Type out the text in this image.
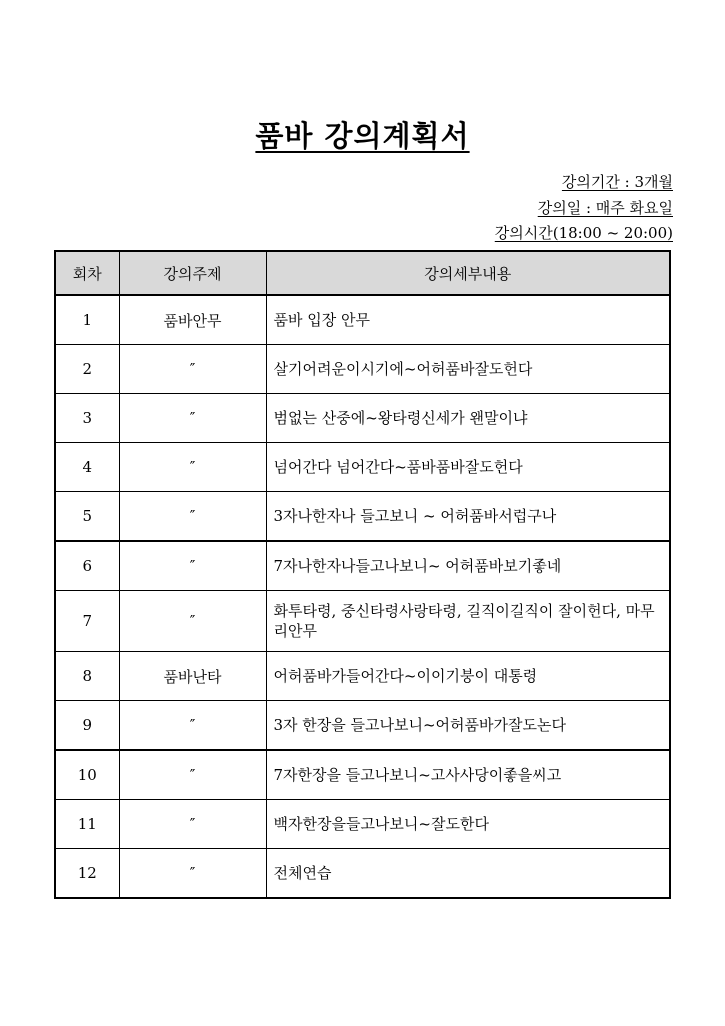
품바 강의계획서
강의기간 : 3개월
강의일 : 매주 화요일
강의시간(18:00 ~ 20:00)
회차	강의주제	강의세부내용
1	품바안무	품바 입장 안무
2	″	살기어려운이시기에~어허품바잘도헌다
3	″	범없는 산중에~왕타령신세가 왠말이냐
4	″	넘어간다 넘어간다~품바품바잘도헌다
5	″	3자나한자나 들고보니 ~ 어허품바서럽구나
6	″	7자나한자나들고나보니~ 어허품바보기좋네
7	″	화투타령, 중신타령사랑타령, 길직이길직이 잘이헌다, 마무리안무
8	품바난타	어허품바가들어간다~이이기붕이 대통령
9	″	3자 한장을 들고나보니~어허품바가잘도논다
10	″	7자한장을 들고나보니~고사사당이좋을씨고
11	″	백자한장을들고나보니~잘도한다
12	″	전체연습
